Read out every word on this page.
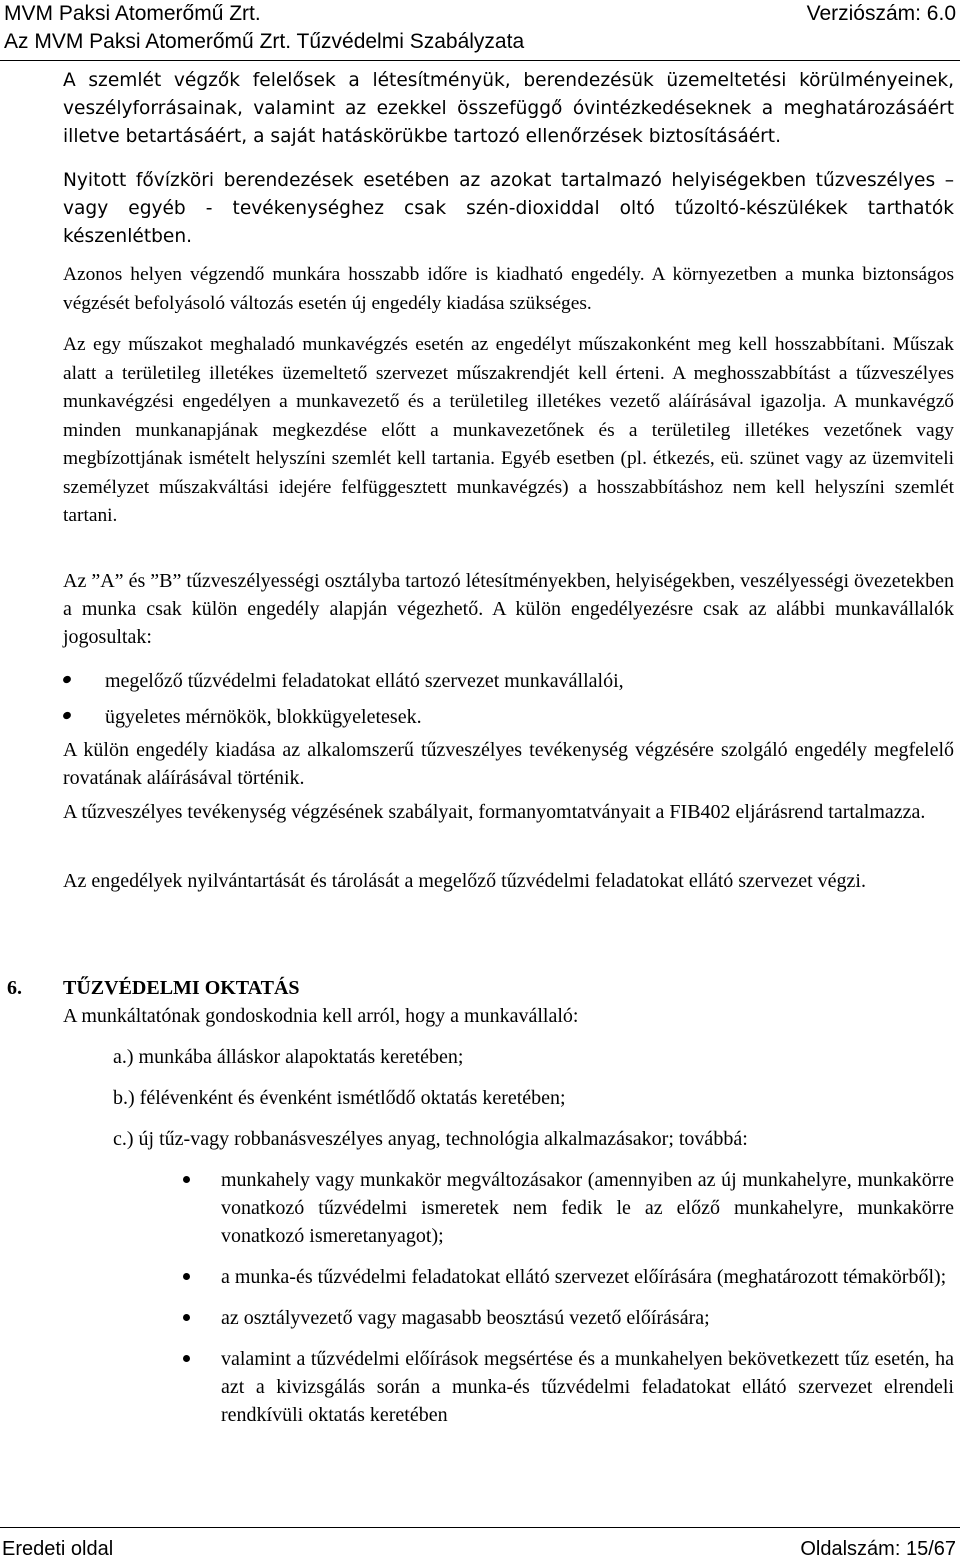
MVM Paksi Atomerőmű Zrt.	Verziószám: 6.0
Az MVM Paksi Atomerőmű Zrt. Tűzvédelmi Szabályzata

A szemlét végzők felelősek a létesítményük, berendezésük üzemeltetési körülményeinek, veszélyforrásainak, valamint az ezekkel összefüggő óvintézkedéseknek a meghatározásáért illetve betartásáért, a saját hatáskörükbe tartozó ellenőrzések biztosításáért.

Nyitott fővízköri berendezések esetében az azokat tartalmazó helyiségekben tűzveszélyes – vagy egyéb - tevékenységhez csak szén-dioxiddal oltó tűzoltó-készülékek tarthatók készenlétben.

Azonos helyen végzendő munkára hosszabb időre is kiadható engedély. A környezetben a munka biztonságos végzését befolyásoló változás esetén új engedély kiadása szükséges.

Az egy műszakot meghaladó munkavégzés esetén az engedélyt műszakonként meg kell hosszabbítani. Műszak alatt a területileg illetékes üzemeltető szervezet műszakrendjét kell érteni. A meghosszabbítást a tűzveszélyes munkavégzési engedélyen a munkavezető és a területileg illetékes vezető aláírásával igazolja. A munkavégző minden munkanapjának megkezdése előtt a munkavezetőnek és a területileg illetékes vezetőnek vagy megbízottjának ismételt helyszíni szemlét kell tartania. Egyéb esetben (pl. étkezés, eü. szünet vagy az üzemviteli személyzet műszakváltási idejére felfüggesztett munkavégzés) a hosszabbításhoz nem kell helyszíni szemlét tartani.

Az ”A” és ”B” tűzveszélyességi osztályba tartozó létesítményekben, helyiségekben, veszélyességi övezetekben a munka csak külön engedély alapján végezhető. A külön engedélyezésre csak az alábbi munkavállalók jogosultak:

megelőző tűzvédelmi feladatokat ellátó szervezet munkavállalói,
ügyeletes mérnökök, blokkügyeletesek.

A külön engedély kiadása az alkalomszerű tűzveszélyes tevékenység végzésére szolgáló engedély megfelelő rovatának aláírásával történik.

A tűzveszélyes tevékenység végzésének szabályait, formanyomtatványait a FIB402 eljárásrend tartalmazza.

Az engedélyek nyilvántartását és tárolását a megelőző tűzvédelmi feladatokat ellátó szervezet végzi.

6. TŰZVÉDELMI OKTATÁS

A munkáltatónak gondoskodnia kell arról, hogy a munkavállaló:

a.) munkába álláskor alapoktatás keretében;
b.) félévenként és évenként ismétlődő oktatás keretében;
c.) új tűz-vagy robbanásveszélyes anyag, technológia alkalmazásakor; továbbá:
munkahely vagy munkakör megváltozásakor (amennyiben az új munkahelyre, munkakörre vonatkozó tűzvédelmi ismeretek nem fedik le az előző munkahelyre, munkakörre vonatkozó ismeretanyagot);
a munka-és tűzvédelmi feladatokat ellátó szervezet előírására (meghatározott témakörből);
az osztályvezető vagy magasabb beosztású vezető előírására;
valamint a tűzvédelmi előírások megsértése és a munkahelyen bekövetkezett tűz esetén, ha azt a kivizsgálás során a munka-és tűzvédelmi feladatokat ellátó szervezet elrendeli rendkívüli oktatás keretében
Eredeti oldal	Oldalszám: 15/67
